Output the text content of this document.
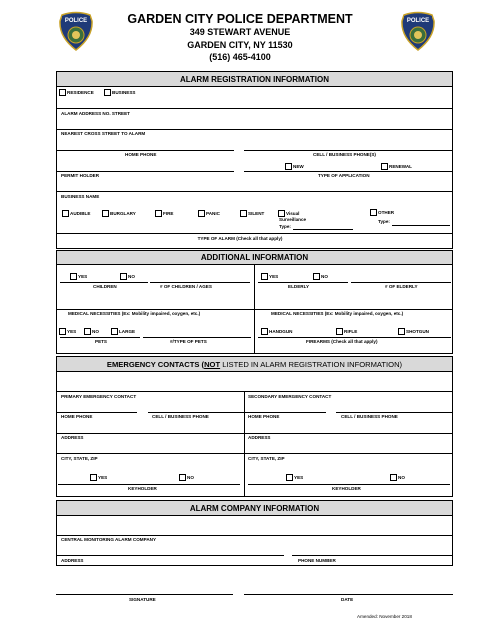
POLICE	POLICE
GARDEN CITY POLICE DEPARTMENT
349 STEWART AVENUE
GARDEN CITY, NY 11530
(516) 465-4100
ALARM REGISTRATION INFORMATION
RESIDENCE	BUSINESS
ALARM ADDRESS NO. STREET
NEAREST CROSS STREET TO ALARM
HOME PHONE	CELL / BUSINESS PHONE(S)
NEW	RENEWAL
PERMIT HOLDER	TYPE OF APPLICATION
BUSINESS NAME
AUDIBLE	BURGLARY	FIRE	PANIC	SILENT	Visual
Surveillance
Type:
OTHER
Type:
TYPE OF ALARM (Check all that apply)
ADDITIONAL INFORMATION
YES	NO	YES	NO
CHILDREN	# OF CHILDREN / AGES	ELDERLY	# OF ELDERLY
MEDICAL NECESSITIES (Ex: Mobility impaired, oxygen, etc.)	MEDICAL NECESSITIES (Ex: Mobility impaired, oxygen, etc.)
YES	NO	LARGE	HANDGUN	RIFLE	SHOTGUN
PETS	#/TYPE OF PETS	FIREARMS (Check all that apply)
EMERGENCY CONTACTS (NOT LISTED IN ALARM REGISTRATION INFORMATION)
PRIMARY EMERGENCY CONTACT	SECONDARY EMERGENCY CONTACT
HOME PHONE	CELL / BUSINESS PHONE	HOME PHONE	CELL / BUSINESS PHONE
ADDRESS	ADDRESS
CITY, STATE, ZIP	CITY, STATE, ZIP
YES	NO	YES	NO
KEYHOLDER	KEYHOLDER
ALARM COMPANY INFORMATION
CENTRAL MONITORING ALARM COMPANY
ADDRESS	PHONE NUMBER
SIGNATURE	DATE
Amended: November 2018
